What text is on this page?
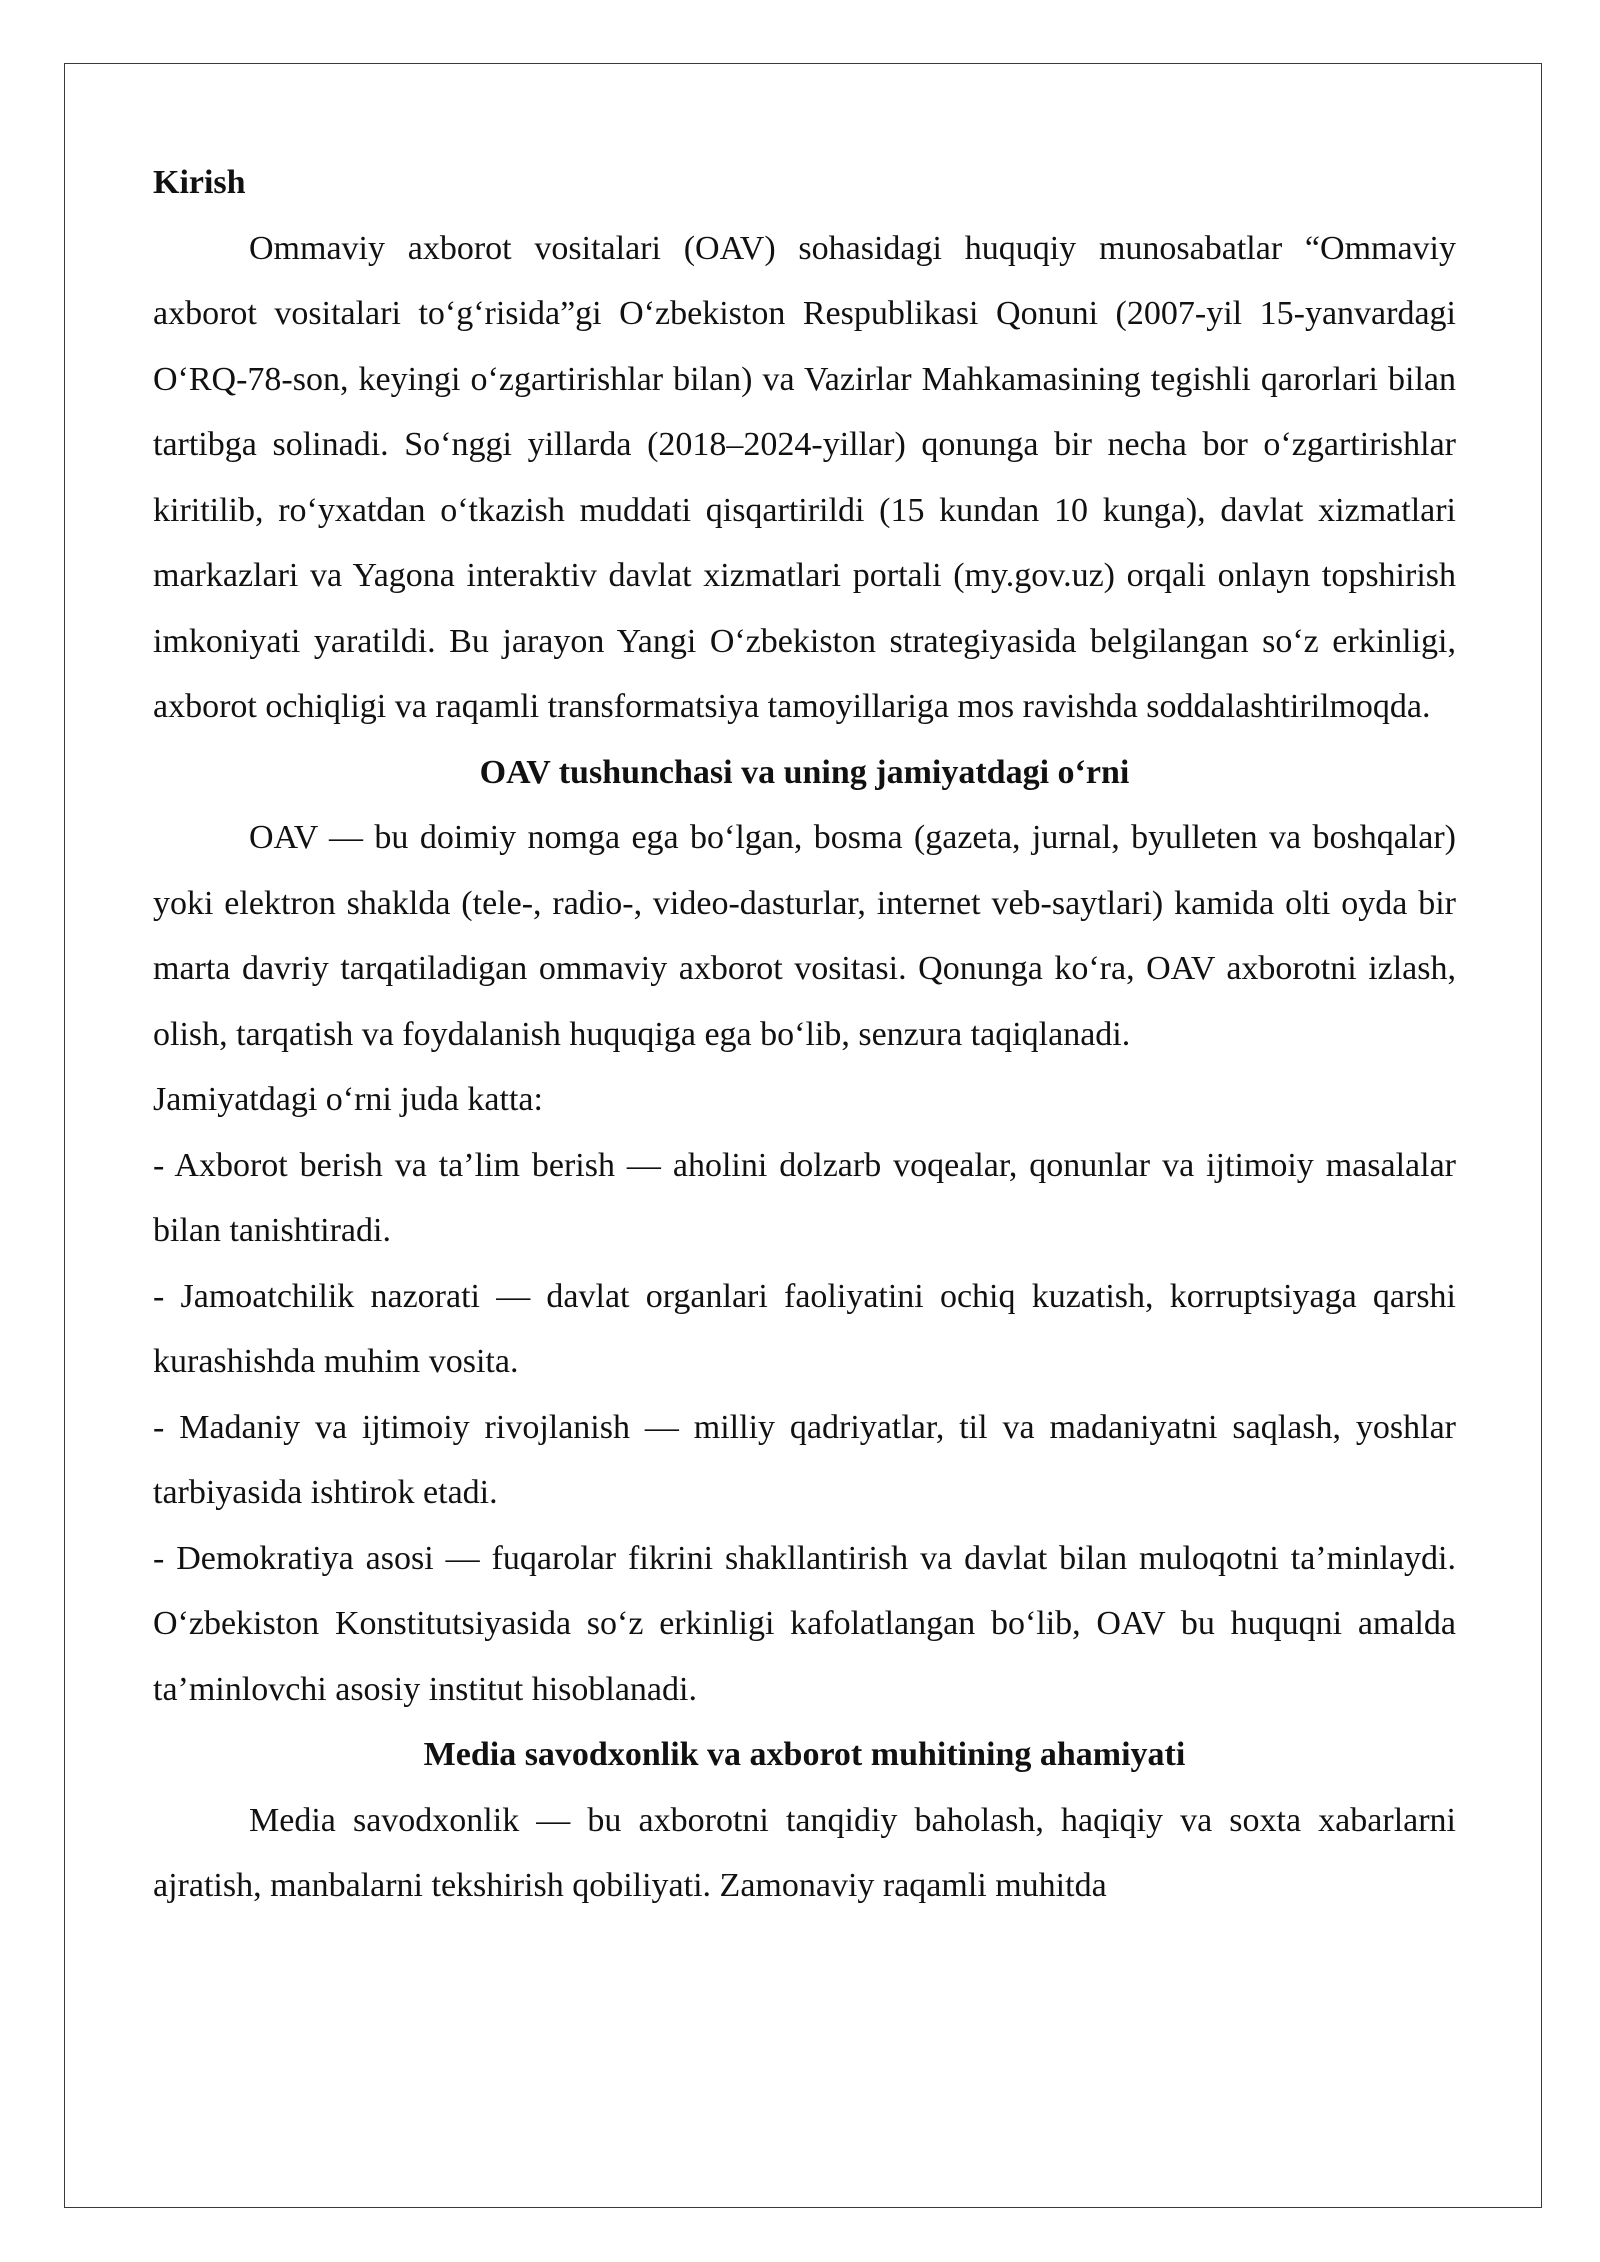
Kirish

Ommaviy axborot vositalari (OAV) sohasidagi huquqiy munosabatlar “Ommaviy axborot vositalari to‘g‘risida”gi O‘zbekiston Respublikasi Qonuni (2007-yil 15-yanvardagi O‘RQ-78-son, keyingi o‘zgartirishlar bilan) va Vazirlar Mahkamasining tegishli qarorlari bilan tartibga solinadi. So‘nggi yillarda (2018–2024-yillar) qonunga bir necha bor o‘zgartirishlar kiritilib, ro‘yxatdan o‘tkazish muddati qisqartirildi (15 kundan 10 kunga), davlat xizmatlari markazlari va Yagona interaktiv davlat xizmatlari portali (my.gov.uz) orqali onlayn topshirish imkoniyati yaratildi. Bu jarayon Yangi O‘zbekiston strategiyasida belgilangan so‘z erkinligi, axborot ochiqligi va raqamli transformatsiya tamoyillariga mos ravishda soddalashtirilmoqda.

OAV tushunchasi va uning jamiyatdagi o‘rni

OAV — bu doimiy nomga ega bo‘lgan, bosma (gazeta, jurnal, byulleten va boshqalar) yoki elektron shaklda (tele-, radio-, video-dasturlar, internet veb-saytlari) kamida olti oyda bir marta davriy tarqatiladigan ommaviy axborot vositasi. Qonunga ko‘ra, OAV axborotni izlash, olish, tarqatish va foydalanish huquqiga ega bo‘lib, senzura taqiqlanadi.

Jamiyatdagi o‘rni juda katta:

- Axborot berish va ta’lim berish — aholini dolzarb voqealar, qonunlar va ijtimoiy masalalar bilan tanishtiradi.

- Jamoatchilik nazorati — davlat organlari faoliyatini ochiq kuzatish, korruptsiyaga qarshi kurashishda muhim vosita.

- Madaniy va ijtimoiy rivojlanish — milliy qadriyatlar, til va madaniyatni saqlash, yoshlar tarbiyasida ishtirok etadi.

- Demokratiya asosi — fuqarolar fikrini shakllantirish va davlat bilan muloqotni ta’minlaydi. O‘zbekiston Konstitutsiyasida so‘z erkinligi kafolatlangan bo‘lib, OAV bu huquqni amalda ta’minlovchi asosiy institut hisoblanadi.

Media savodxonlik va axborot muhitining ahamiyati

Media savodxonlik — bu axborotni tanqidiy baholash, haqiqiy va soxta xabarlarni ajratish, manbalarni tekshirish qobiliyati. Zamonaviy raqamli muhitda
